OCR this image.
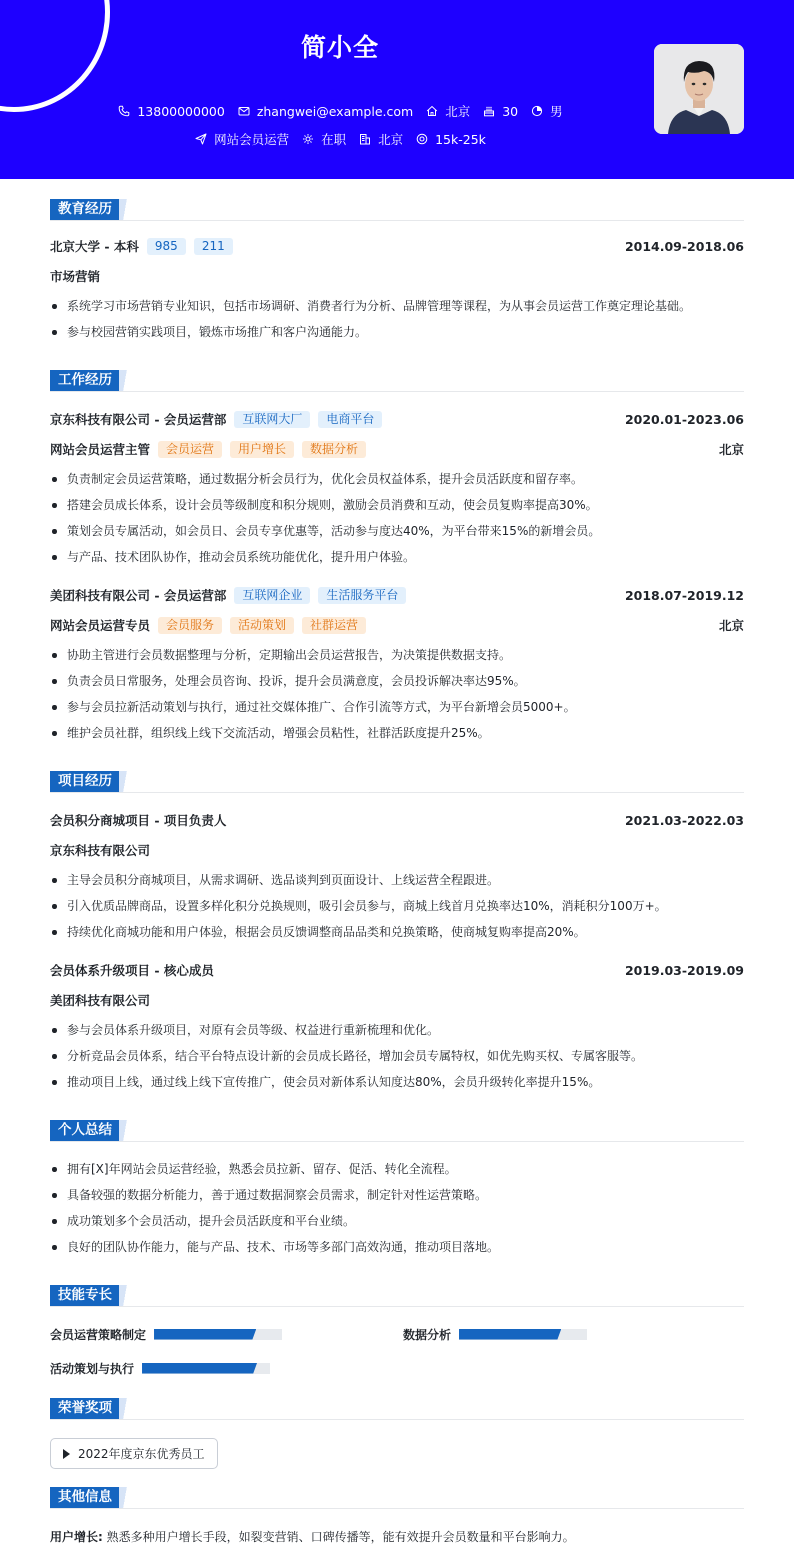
简小全
13800000000	zhangwei@example.com	北京	30	男
网站会员运营	在职	北京	15k-25k
教育经历
北京大学 - 本科	985	211	2014.09-2018.06
市场营销
系统学习市场营销专业知识，包括市场调研、消费者行为分析、品牌管理等课程，为从事会员运营工作奠定理论基础。
参与校园营销实践项目，锻炼市场推广和客户沟通能力。
工作经历
京东科技有限公司 - 会员运营部	互联网大厂	电商平台	2020.01-2023.06
网站会员运营主管	会员运营	用户增长	数据分析	北京
负责制定会员运营策略，通过数据分析会员行为，优化会员权益体系，提升会员活跃度和留存率。
搭建会员成长体系，设计会员等级制度和积分规则，激励会员消费和互动，使会员复购率提高30%。
策划会员专属活动，如会员日、会员专享优惠等，活动参与度达40%，为平台带来15%的新增会员。
与产品、技术团队协作，推动会员系统功能优化，提升用户体验。
美团科技有限公司 - 会员运营部	互联网企业	生活服务平台	2018.07-2019.12
网站会员运营专员	会员服务	活动策划	社群运营	北京
协助主管进行会员数据整理与分析，定期输出会员运营报告，为决策提供数据支持。
负责会员日常服务，处理会员咨询、投诉，提升会员满意度，会员投诉解决率达95%。
参与会员拉新活动策划与执行，通过社交媒体推广、合作引流等方式，为平台新增会员5000+。
维护会员社群，组织线上线下交流活动，增强会员粘性，社群活跃度提升25%。
项目经历
会员积分商城项目 - 项目负责人	2021.03-2022.03
京东科技有限公司
主导会员积分商城项目，从需求调研、选品谈判到页面设计、上线运营全程跟进。
引入优质品牌商品，设置多样化积分兑换规则，吸引会员参与，商城上线首月兑换率达10%，消耗积分100万+。
持续优化商城功能和用户体验，根据会员反馈调整商品品类和兑换策略，使商城复购率提高20%。
会员体系升级项目 - 核心成员	2019.03-2019.09
美团科技有限公司
参与会员体系升级项目，对原有会员等级、权益进行重新梳理和优化。
分析竞品会员体系，结合平台特点设计新的会员成长路径，增加会员专属特权，如优先购买权、专属客服等。
推动项目上线，通过线上线下宣传推广，使会员对新体系认知度达80%，会员升级转化率提升15%。
个人总结
拥有[X]年网站会员运营经验，熟悉会员拉新、留存、促活、转化全流程。
具备较强的数据分析能力，善于通过数据洞察会员需求，制定针对性运营策略。
成功策划多个会员活动，提升会员活跃度和平台业绩。
良好的团队协作能力，能与产品、技术、市场等多部门高效沟通，推动项目落地。
技能专长
会员运营策略制定	数据分析
活动策划与执行
荣誉奖项
2022年度京东优秀员工
其他信息
用户增长: 熟悉多种用户增长手段，如裂变营销、口碑传播等，能有效提升会员数量和平台影响力。
